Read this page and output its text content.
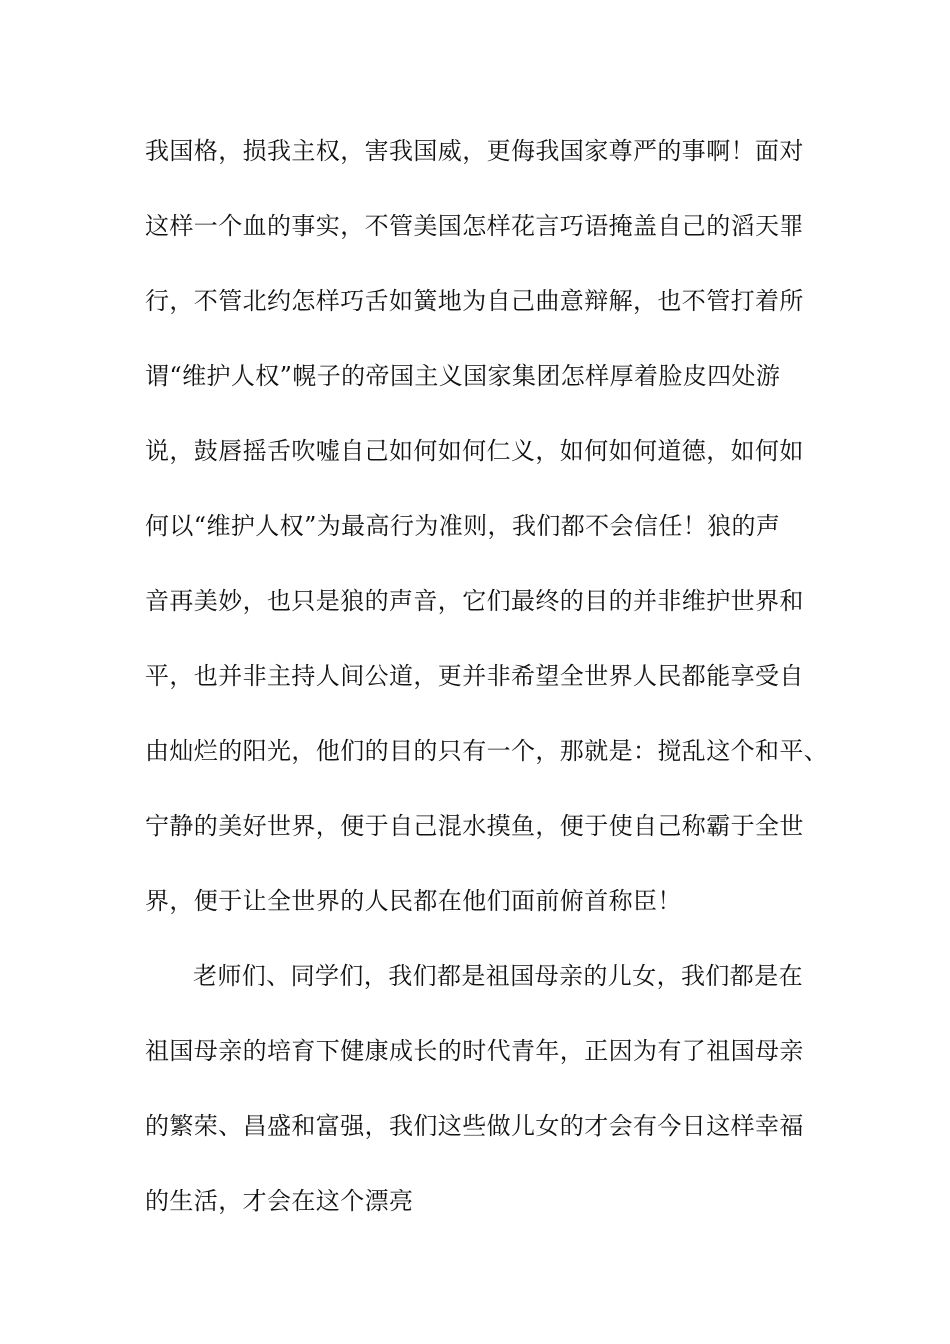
我国格，损我主权，害我国威，更侮我国家尊严的事啊！面对
这样一个血的事实，不管美国怎样花言巧语掩盖自己的滔天罪
行，不管北约怎样巧舌如簧地为自己曲意辩解，也不管打着所
谓“维护人权”幌子的帝国主义国家集团怎样厚着脸皮四处游
说，鼓唇摇舌吹嘘自己如何如何仁义，如何如何道德，如何如
何以“维护人权”为最高行为准则，我们都不会信任！狼的声
音再美妙，也只是狼的声音，它们最终的目的并非维护世界和
平，也并非主持人间公道，更并非希望全世界人民都能享受自
由灿烂的阳光，他们的目的只有一个，那就是：搅乱这个和平、
宁静的美好世界，便于自己混水摸鱼，便于使自己称霸于全世
界，便于让全世界的人民都在他们面前俯首称臣！
老师们、同学们，我们都是祖国母亲的儿女，我们都是在
祖国母亲的培育下健康成长的时代青年，正因为有了祖国母亲
的繁荣、昌盛和富强，我们这些做儿女的才会有今日这样幸福
的生活，才会在这个漂亮
